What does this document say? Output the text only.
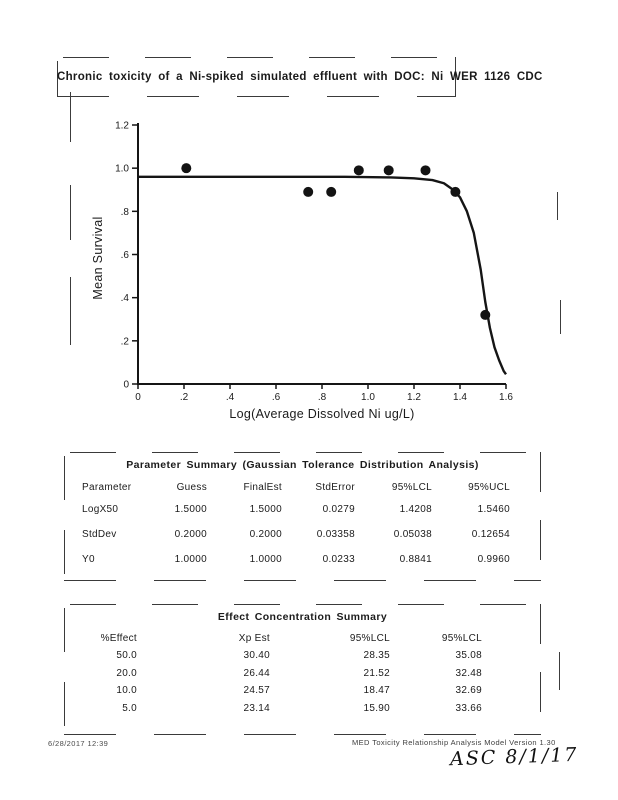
Chronic toxicity of a Ni-spiked simulated effluent with DOC: Ni WER 1126 CDC
0	.2	.4	.6	.8	1.0	1.2	1.4	1.6
0
.2
.4
.6
.8
1.0
1.2
Log(Average Dissolved Ni ug/L)
Mean Survival
Parameter Summary (Gaussian Tolerance Distribution Analysis)
Parameter	Guess	FinalEst	StdError	95%LCL	95%UCL
LogX50	1.5000	1.5000	0.0279	1.4208	1.5460
StdDev	0.2000	0.2000	0.03358	0.05038	0.12654
Y0	1.0000	1.0000	0.0233	0.8841	0.9960
Effect Concentration Summary
%Effect	Xp Est	95%LCL	95%LCL
50.0	30.40	28.35	35.08
20.0	26.44	21.52	32.48
10.0	24.57	18.47	32.69
5.0	23.14	15.90	33.66
6/28/2017 12:39	MED Toxicity Relationship Analysis Model Version 1.30
ASC 8/1/17
